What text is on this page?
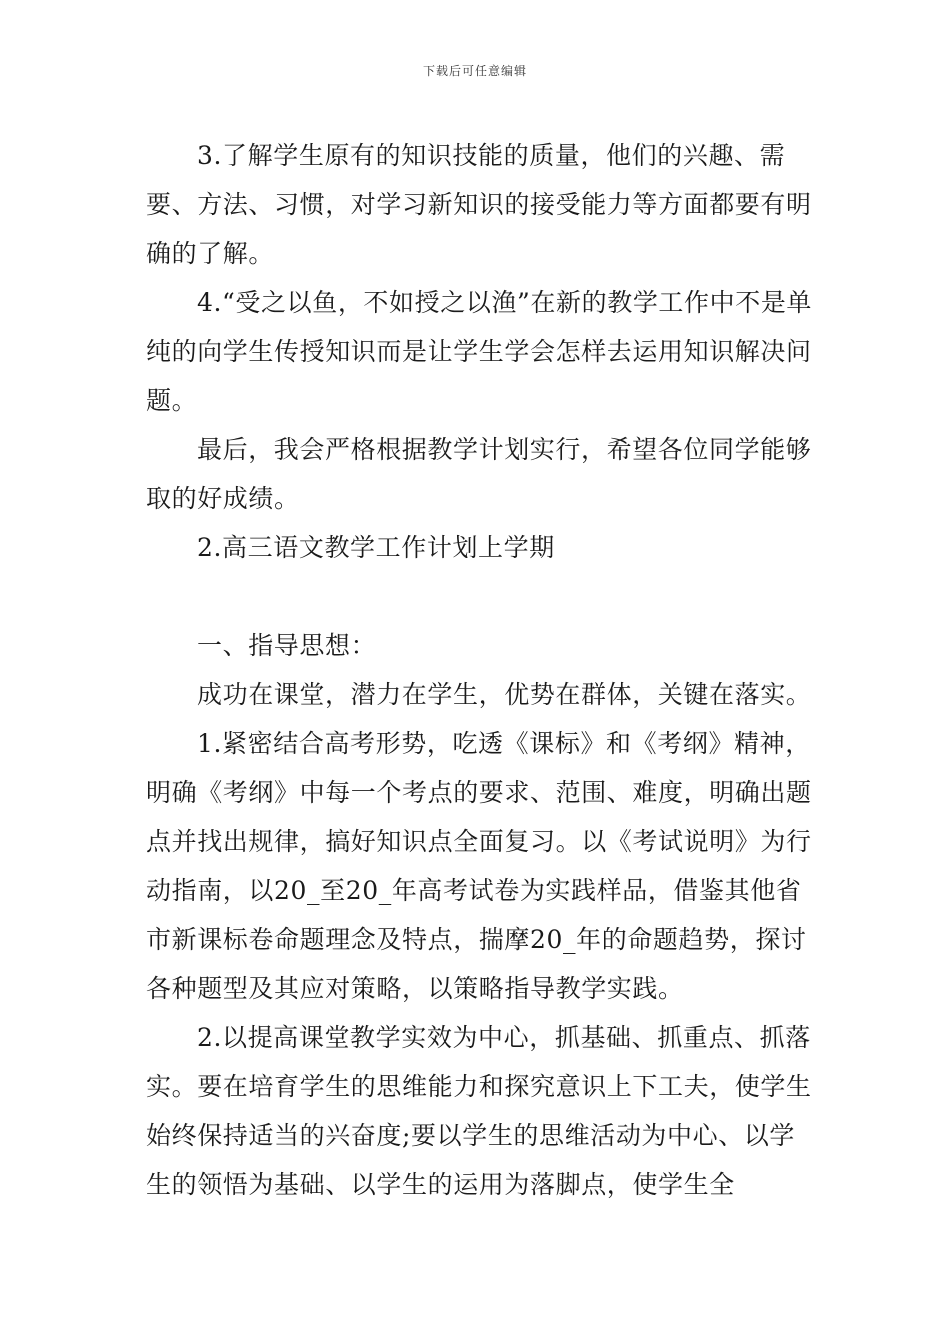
下载后可任意编辑

3.了解学生原有的知识技能的质量，他们的兴趣、需要、方法、习惯，对学习新知识的接受能力等方面都要有明确的了解。

4.“受之以鱼，不如授之以渔”在新的教学工作中不是单纯的向学生传授知识而是让学生学会怎样去运用知识解决问题。

最后，我会严格根据教学计划实行，希望各位同学能够取的好成绩。

2.高三语文教学工作计划上学期

一、指导思想：

成功在课堂，潜力在学生，优势在群体，关键在落实。

1.紧密结合高考形势，吃透《课标》和《考纲》精神，明确《考纲》中每一个考点的要求、范围、难度，明确出题点并找出规律，搞好知识点全面复习。以《考试说明》为行动指南，以20_至20_年高考试卷为实践样品，借鉴其他省市新课标卷命题理念及特点，揣摩20_年的命题趋势，探讨各种题型及其应对策略，以策略指导教学实践。

2.以提高课堂教学实效为中心，抓基础、抓重点、抓落实。要在培育学生的思维能力和探究意识上下工夫，使学生始终保持适当的兴奋度;要以学生的思维活动为中心、以学生的领悟为基础、以学生的运用为落脚点，使学生全
